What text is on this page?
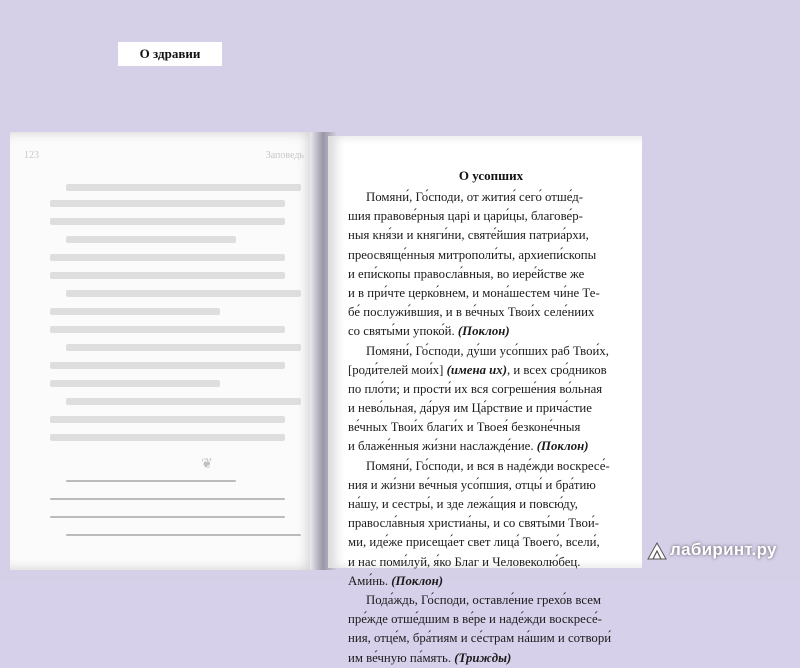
123	Заповедь
❦
О здравии
О усопших

Помяни́, Го́споди, от жития́ сего́ отше́д-

шия правове́рныя царi и цари́цы, благове́р-

ныя кня́зи и княги́ни, святе́йшия патриа́рхи,

преосвяще́нныя митрополи́ты, архиепи́скопы

и епи́скопы правосла́вныя, во иере́йстве же

и в при́чте церко́внем, и мона́шестем чи́не Те-

бе́ послужи́вшия, и в ве́чных Твои́х селе́ниих

со святы́ми упоко́й. (Поклон)

Помяни́, Го́споди, ду́ши усо́пших раб Твои́х,

[роди́телей мои́х] (имена их), и всех сро́дников

по пло́ти; и прости́ их вся согреше́ния во́льная

и нево́льная, да́руя им Ца́рствие и прича́стие

ве́чных Твои́х благи́х и Твоея́ безконе́чныя

и блаже́нныя жи́зни наслажде́ние. (Поклон)

Помяни́, Го́споди, и вся в наде́жди воскресе́-

ния и жи́зни ве́чныя усо́пшия, отцы́ и бра́тию

на́шу, и сестры́, и зде лежа́щия и повсю́ду,

правосла́вныя христиа́ны, и со святы́ми Твои́-

ми, иде́же присеща́ет свет лица́ Твоего́, всели́,

и нас поми́луй, я́ко Благ и Человеколю́бец.

Ами́нь. (Поклон)

Пода́ждь, Го́споди, оставле́ние грехо́в всем

пре́жде отше́дшим в ве́ре и наде́жди воскресе́-

ния, отце́м, бра́тиям и се́страм на́шим и сотвори́

им ве́чную па́мять. (Трижды)

лабиринт.ру
